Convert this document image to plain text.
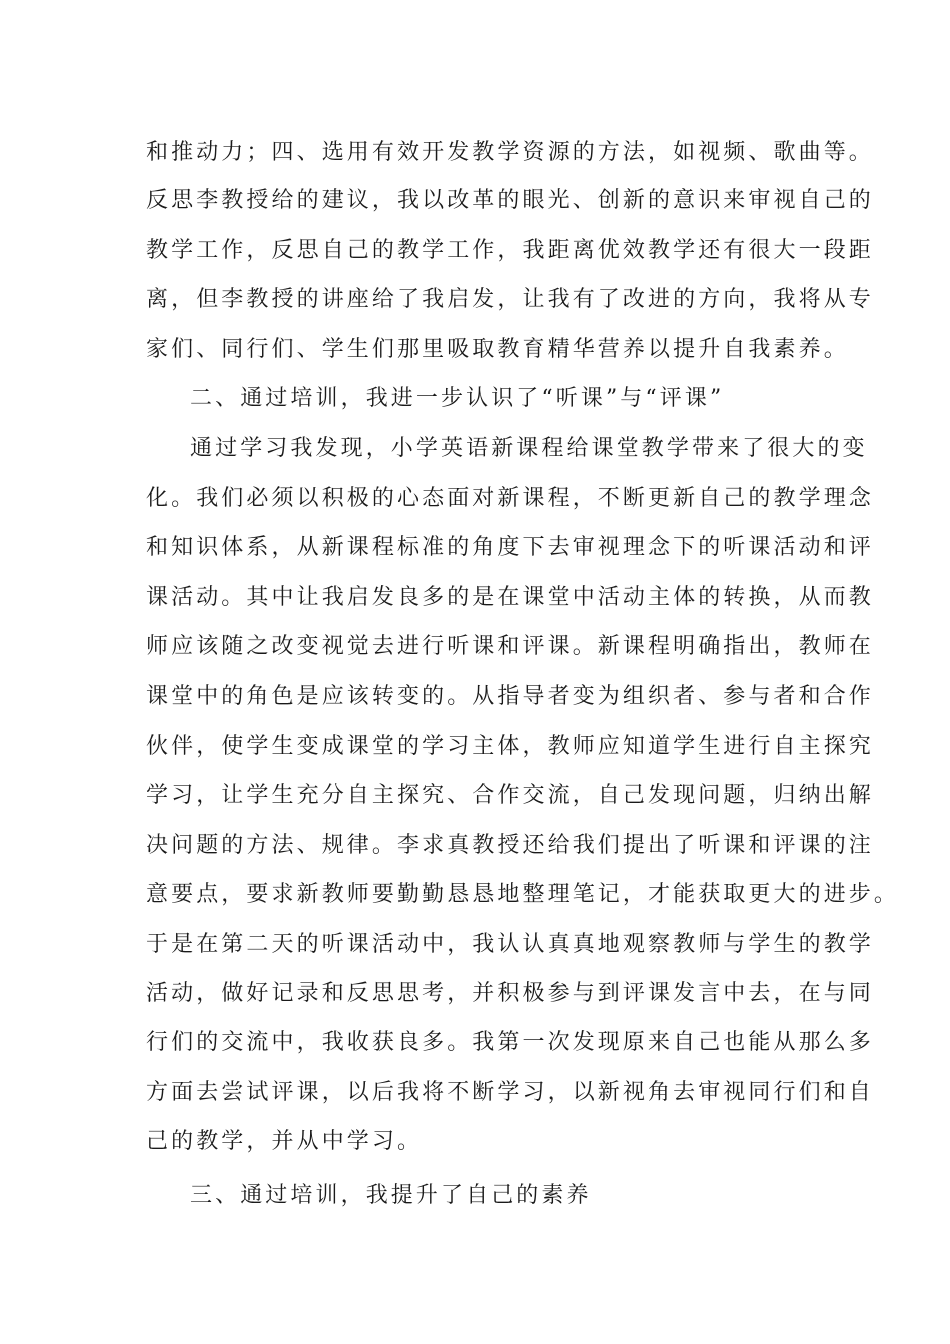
和推动力；四、选用有效开发教学资源的方法，如视频、歌曲等。
反思李教授给的建议，我以改革的眼光、创新的意识来审视自己的
教学工作，反思自己的教学工作，我距离优效教学还有很大一段距
离，但李教授的讲座给了我启发，让我有了改进的方向，我将从专
家们、同行们、学生们那里吸取教育精华营养以提升自我素养。
二、通过培训，我进一步认识了“听课”与“评课”
通过学习我发现，小学英语新课程给课堂教学带来了很大的变
化。我们必须以积极的心态面对新课程，不断更新自己的教学理念
和知识体系，从新课程标准的角度下去审视理念下的听课活动和评
课活动。其中让我启发良多的是在课堂中活动主体的转换，从而教
师应该随之改变视觉去进行听课和评课。新课程明确指出，教师在
课堂中的角色是应该转变的。从指导者变为组织者、参与者和合作
伙伴，使学生变成课堂的学习主体，教师应知道学生进行自主探究
学习，让学生充分自主探究、合作交流，自己发现问题，归纳出解
决问题的方法、规律。李求真教授还给我们提出了听课和评课的注
意要点，要求新教师要勤勤恳恳地整理笔记，才能获取更大的进步。
于是在第二天的听课活动中，我认认真真地观察教师与学生的教学
活动，做好记录和反思思考，并积极参与到评课发言中去，在与同
行们的交流中，我收获良多。我第一次发现原来自己也能从那么多
方面去尝试评课，以后我将不断学习，以新视角去审视同行们和自
己的教学，并从中学习。
三、通过培训，我提升了自己的素养
